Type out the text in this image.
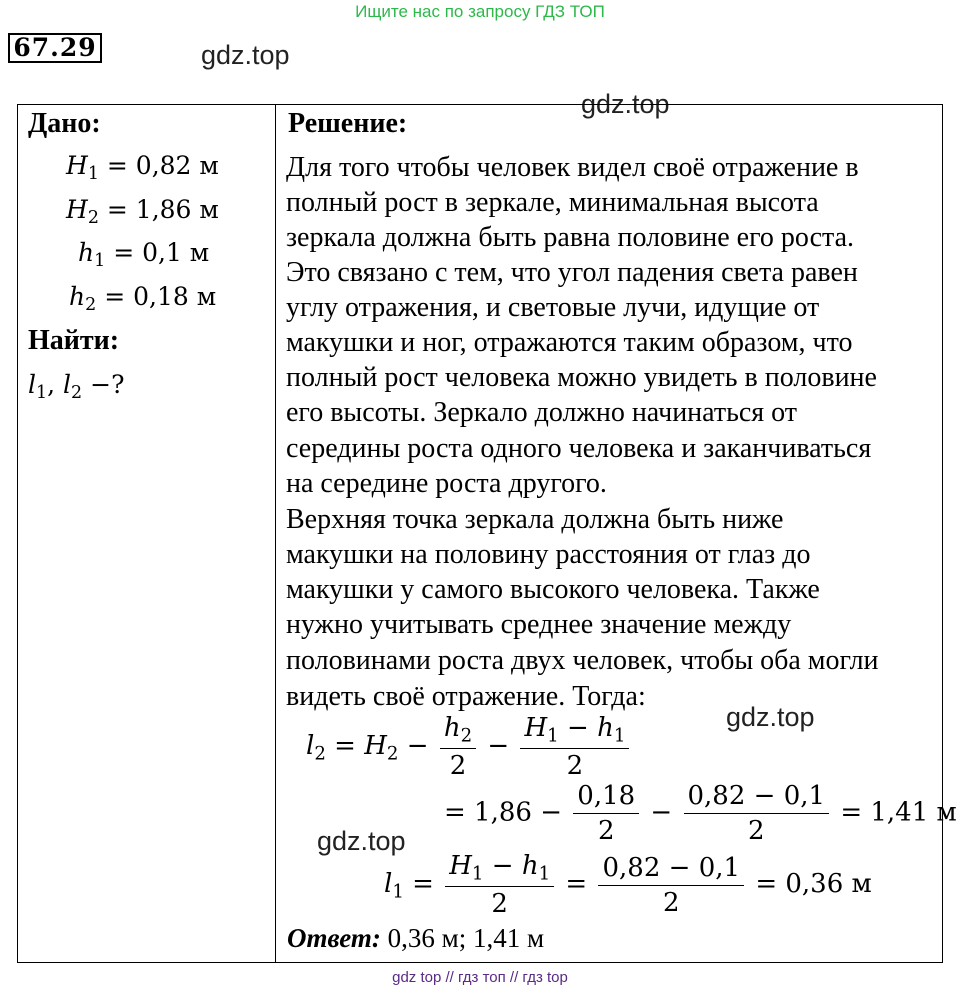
Ищите нас по запросу ГДЗ ТОП
67.29	gdz.top
gdz.top
gdz.top
gdz.top
Дано:
$H_1 = 0,82$ м
$H_2 = 1,86$ м
$h_1 = 0,1$ м
$h_2 = 0,18$ м
Найти:
$l_1$, $l_2$ −?
Решение:
Для того чтобы человек видел своё отражение в
полный рост в зеркале, минимальная высота
зеркала должна быть равна половине его роста.
Это связано с тем, что угол падения света равен
углу отражения, и световые лучи, идущие от
макушки и ног, отражаются таким образом, что
полный рост человека можно увидеть в половине
его высоты. Зеркало должно начинаться от
середины роста одного человека и заканчиваться
на середине роста другого.
Верхняя точка зеркала должна быть ниже
макушки на половину расстояния от глаз до
макушки у самого высокого человека. Также
нужно учитывать среднее значение между
половинами роста двух человек, чтобы оба могли
видеть своё отражение. Тогда:
$l_2 = H_2 - \frac{h_2}{2} - \frac{H_1 - h_1}{2}$
= $1,86 - \frac{0,18}{2} - \frac{0,82 - 0,1}{2} = 1,41$ м
$l_1 = \frac{H_1 - h_1}{2} = \frac{0,82 - 0,1}{2} = 0,36$ м
Ответ: 0,36 м; 1,41 м
gdz top // гдз топ // гдз top
